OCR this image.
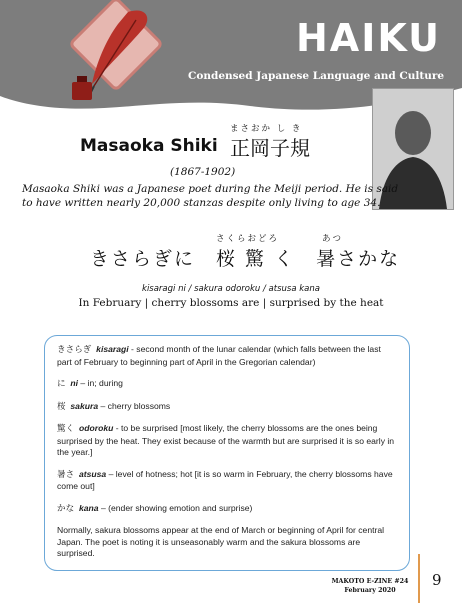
HAIKU
Condensed Japanese Language and Culture
Masaoka Shiki
まさおか し き
正岡子規
(1867-1902)
Masaoka Shiki was a Japanese poet during the Meiji period. He is said to have written nearly 20,000 stanzas despite only living to age 34.
さくらおどろ	あつ
きさらぎに　桜 驚 く　暑さかな
kisaragi ni / sakura odoroku / atsusa kana
In February | cherry blossoms are | surprised by the heat

きさらぎ kisaragi - second month of the lunar calendar (which falls between the last part of February to beginning part of April in the Gregorian calendar)

に ni – in; during

桜 sakura – cherry blossoms

驚く odoroku - to be surprised [most likely, the cherry blossoms are the ones being surprised by the heat. They exist because of the warmth but are surprised it is so early in the year.]

暑さ atsusa – level of hotness; hot [it is so warm in February, the cherry blossoms have come out]

かな kana – (ender showing emotion and surprise)

Normally, sakura blossoms appear at the end of March or beginning of April for central Japan. The poet is noting it is unseasonably warm and the sakura blossoms are surprised.

MAKOTO E-ZINE #24
February 2020
9
